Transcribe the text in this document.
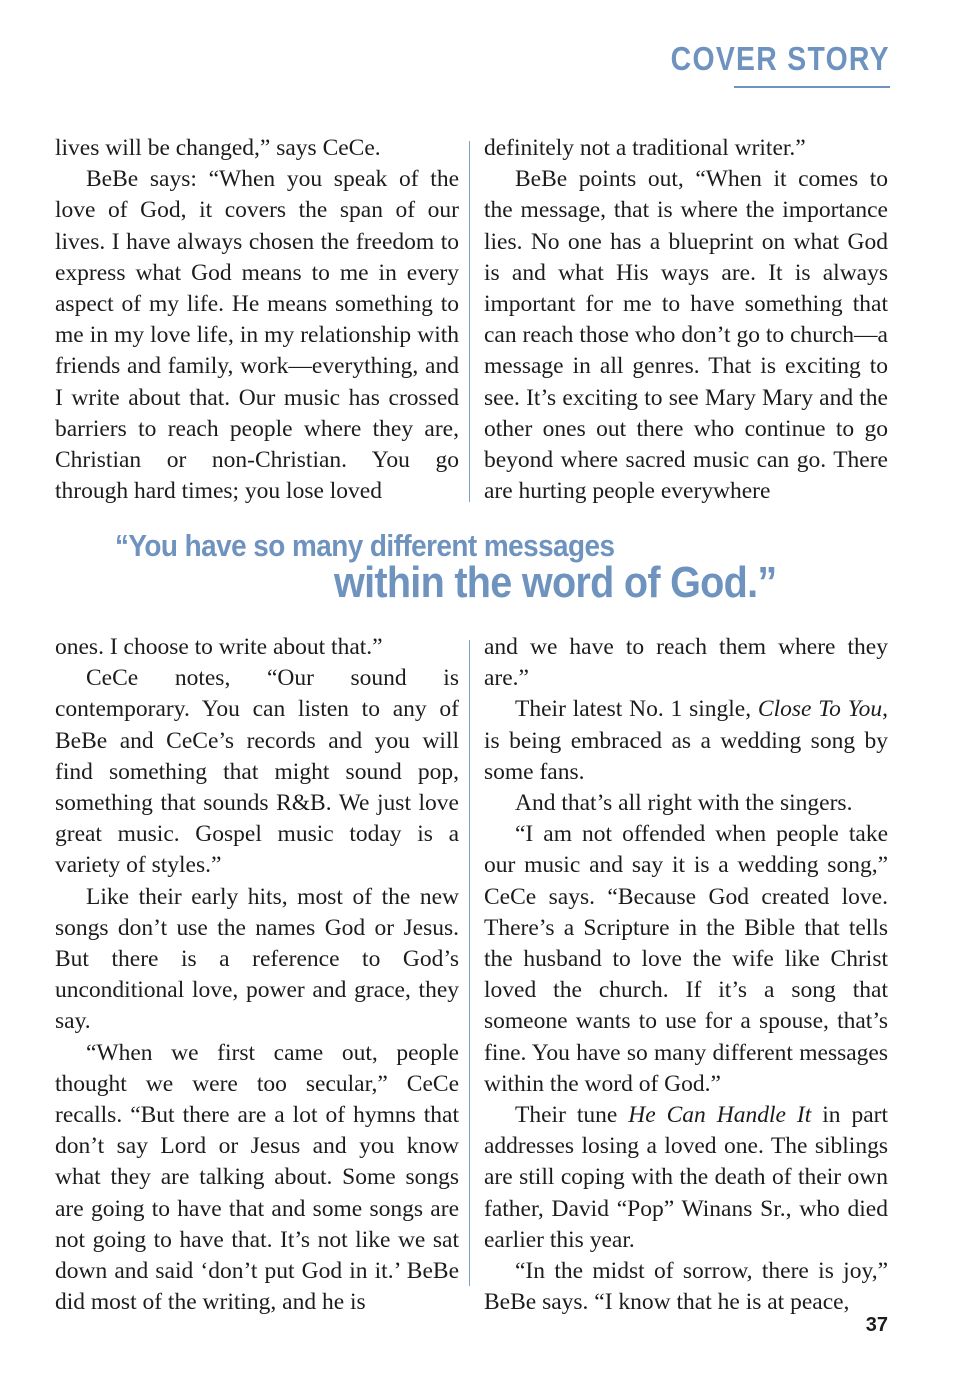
COVER STORY

lives will be changed,” says CeCe.

BeBe says: “When you speak of the love of God, it covers the span of our lives. I have always chosen the freedom to express what God means to me in every aspect of my life. He means something to me in my love life, in my relationship with friends and family, work—everything, and I write about that. Our music has crossed barriers to reach people where they are, Christian or non-Christian. You go through hard times; you lose loved

definitely not a traditional writer.”

BeBe points out, “When it comes to the message, that is where the importance lies. No one has a blueprint on what God is and what His ways are. It is always important for me to have something that can reach those who don’t go to church—a message in all genres. That is exciting to see. It’s exciting to see Mary Mary and the other ones out there who continue to go beyond where sacred music can go. There are hurting people everywhere

“You have so many different messages
within the word of God.”

ones. I choose to write about that.”

CeCe notes, “Our sound is contemporary. You can listen to any of BeBe and CeCe’s records and you will find something that might sound pop, something that sounds R&B. We just love great music. Gospel music today is a variety of styles.”

Like their early hits, most of the new songs don’t use the names God or Jesus. But there is a reference to God’s unconditional love, power and grace, they say.

“When we first came out, people thought we were too secular,” CeCe recalls. “But there are a lot of hymns that don’t say Lord or Jesus and you know what they are talking about. Some songs are going to have that and some songs are not going to have that. It’s not like we sat down and said ‘don’t put God in it.’ BeBe did most of the writing, and he is

and we have to reach them where they are.”

Their latest No. 1 single, Close To You, is being embraced as a wedding song by some fans.

And that’s all right with the singers.

“I am not offended when people take our music and say it is a wedding song,” CeCe says. “Because God created love. There’s a Scripture in the Bible that tells the husband to love the wife like Christ loved the church. If it’s a song that someone wants to use for a spouse, that’s fine. You have so many different messages within the word of God.”

Their tune He Can Handle It in part addresses losing a loved one. The siblings are still coping with the death of their own father, David “Pop” Winans Sr., who died earlier this year.

“In the midst of sorrow, there is joy,” BeBe says. “I know that he is at peace,

37
